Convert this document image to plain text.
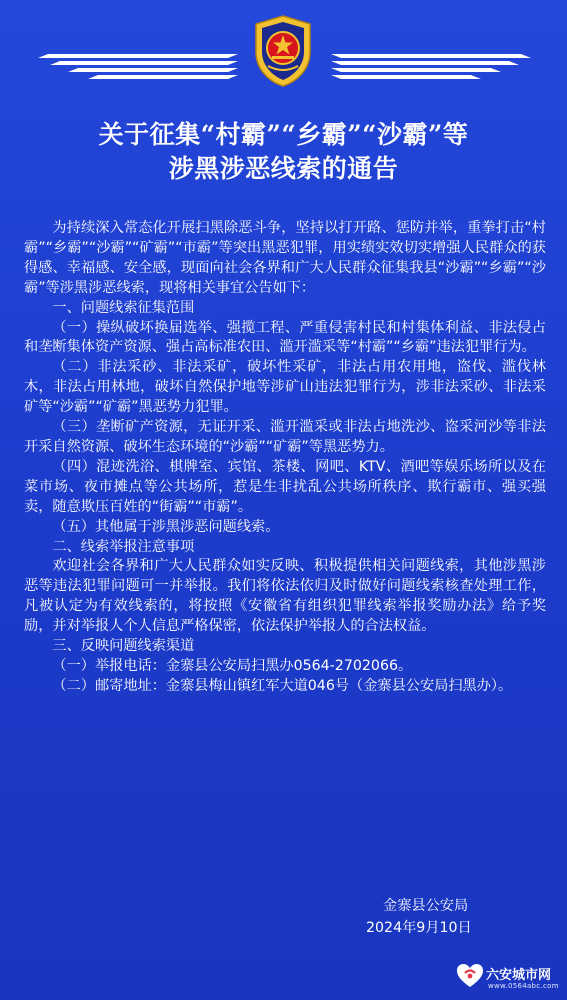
关于征集“村霸”“乡霸”“沙霸”等
涉黑涉恶线索的通告

为持续深入常态化开展扫黑除恶斗争，坚持以打开路、惩防并举，重拳打击“村霸”“乡霸”“沙霸”“矿霸”“市霸”等突出黑恶犯罪，用实绩实效切实增强人民群众的获得感、幸福感、安全感，现面向社会各界和广大人民群众征集我县“沙霸”“乡霸”“沙霸”等涉黑涉恶线索，现将相关事宜公告如下：

一、问题线索征集范围

（一）操纵破坏换届选举、强揽工程、严重侵害村民和村集体利益、非法侵占和垄断集体资产资源、强占高标准农田、滥开滥采等“村霸”“乡霸”违法犯罪行为。

（二）非法采砂、非法采矿，破坏性采矿，非法占用农用地，盗伐、滥伐林木，非法占用林地，破坏自然保护地等涉矿山违法犯罪行为，涉非法采砂、非法采矿等“沙霸”“矿霸”黑恶势力犯罪。

（三）垄断矿产资源，无证开采、滥开滥采或非法占地洗沙、盗采河沙等非法开采自然资源、破坏生态环境的“沙霸”“矿霸”等黑恶势力。

（四）混迹洗浴、棋牌室、宾馆、茶楼、网吧、KTV、酒吧等娱乐场所以及在菜市场、夜市摊点等公共场所，惹是生非扰乱公共场所秩序、欺行霸市、强买强卖，随意欺压百姓的“街霸”“市霸”。

（五）其他属于涉黑涉恶问题线索。

二、线索举报注意事项

欢迎社会各界和广大人民群众如实反映、积极提供相关问题线索，其他涉黑涉恶等违法犯罪问题可一并举报。我们将依法依归及时做好问题线索核查处理工作，凡被认定为有效线索的，将按照《安徽省有组织犯罪线索举报奖励办法》给予奖励，并对举报人个人信息严格保密，依法保护举报人的合法权益。

三、反映问题线索渠道

（一）举报电话：金寨县公安局扫黑办0564-2702066。

（二）邮寄地址：金寨县梅山镇红军大道046号（金寨县公安局扫黑办）。

金寨县公安局
2024年9月10日
六安城市网
www.0564abc.com
